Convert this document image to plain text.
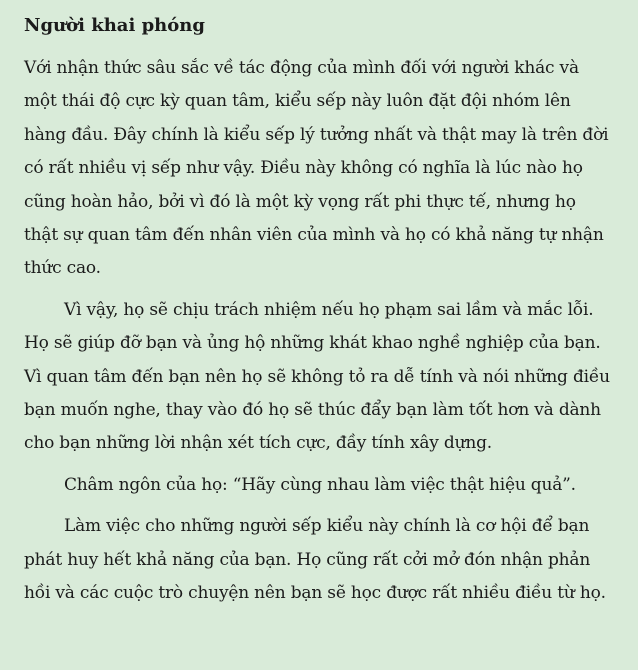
Người khai phóng

Với nhận thức sâu sắc về tác động của mình đối với người khác và một thái độ cực kỳ quan tâm, kiểu sếp này luôn đặt đội nhóm lên hàng đầu. Đây chính là kiểu sếp lý tưởng nhất và thật may là trên đời có rất nhiều vị sếp như vậy. Điều này không có nghĩa là lúc nào họ cũng hoàn hảo, bởi vì đó là một kỳ vọng rất phi thực tế, nhưng họ thật sự quan tâm đến nhân viên của mình và họ có khả năng tự nhận thức cao.

Vì vậy, họ sẽ chịu trách nhiệm nếu họ phạm sai lầm và mắc lỗi. Họ sẽ giúp đỡ bạn và ủng hộ những khát khao nghề nghiệp của bạn. Vì quan tâm đến bạn nên họ sẽ không tỏ ra dễ tính và nói những điều bạn muốn nghe, thay vào đó họ sẽ thúc đẩy bạn làm tốt hơn và dành cho bạn những lời nhận xét tích cực, đầy tính xây dựng.

Châm ngôn của họ: “Hãy cùng nhau làm việc thật hiệu quả”.

Làm việc cho những người sếp kiểu này chính là cơ hội để bạn phát huy hết khả năng của bạn. Họ cũng rất cởi mở đón nhận phản hồi và các cuộc trò chuyện nên bạn sẽ học được rất nhiều điều từ họ.
